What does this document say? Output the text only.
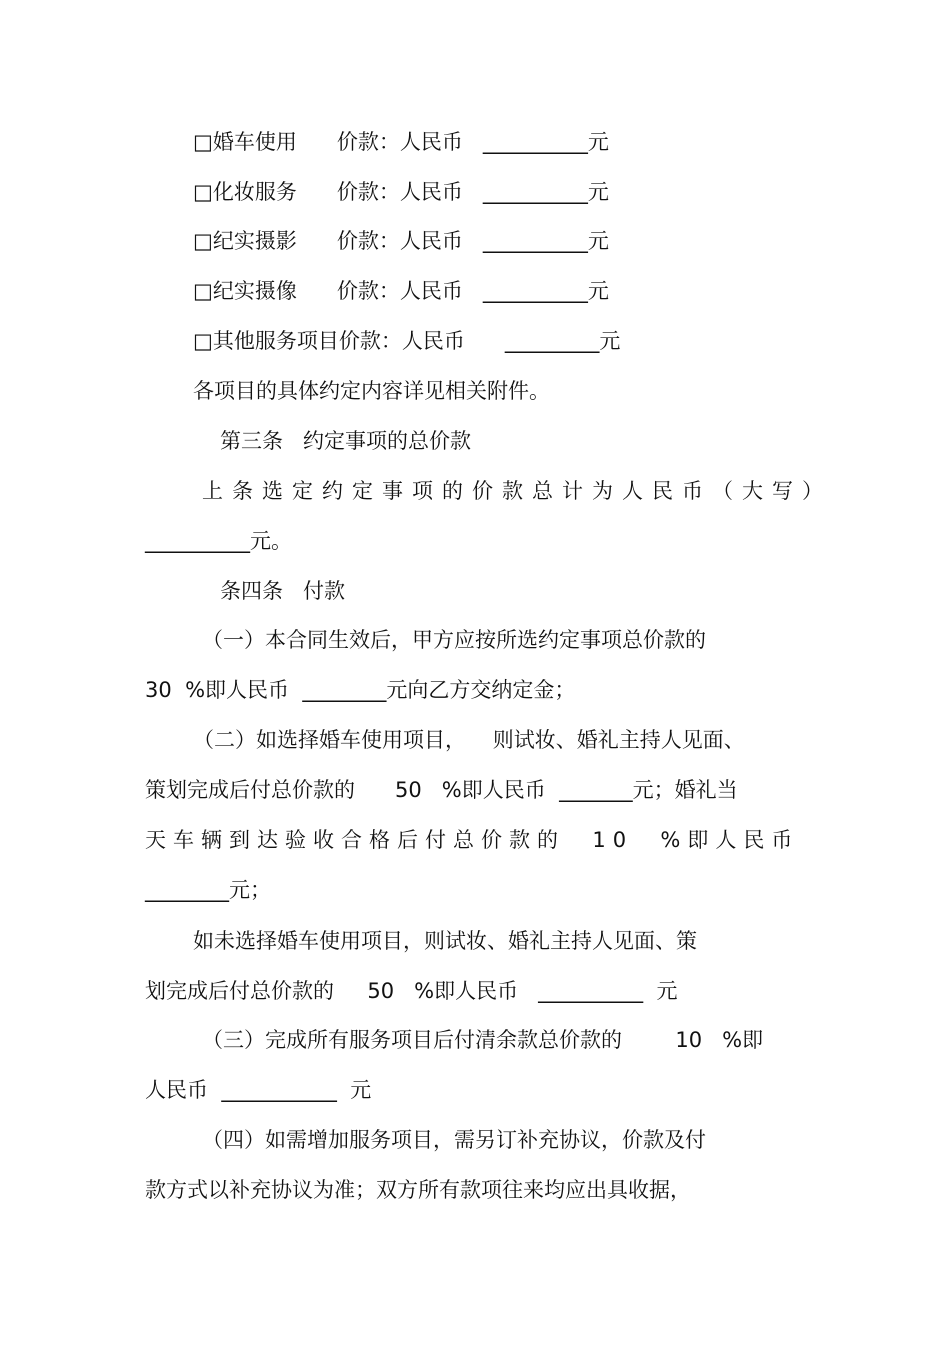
□婚车使用      价款：人民币   __________元
□化妆服务      价款：人民币   __________元
□纪实摄影      价款：人民币   __________元
□纪实摄像      价款：人民币   __________元
□其他服务项目价款：人民币      _________元
各项目的具体约定内容详见相关附件。
第三条   约定事项的总价款
上条选定约定事项的价款总计为人民币（大写）
__________元。
条四条   付款
（一）本合同生效后，甲方应按所选约定事项总价款的
30  %即人民币  ________元向乙方交纳定金；
（二）如选择婚车使用项目，    则试妆、婚礼主持人见面、
策划完成后付总价款的      50   %即人民币  _______元；婚礼当
天车辆到达验收合格后付总价款的  10  %即人民币
________元；
如未选择婚车使用项目，则试妆、婚礼主持人见面、策
划完成后付总价款的     50   %即人民币   __________  元
（三）完成所有服务项目后付清余款总价款的        10   %即
人民币  ___________  元
（四）如需增加服务项目，需另订补充协议，价款及付
款方式以补充协议为准；双方所有款项往来均应出具收据，
